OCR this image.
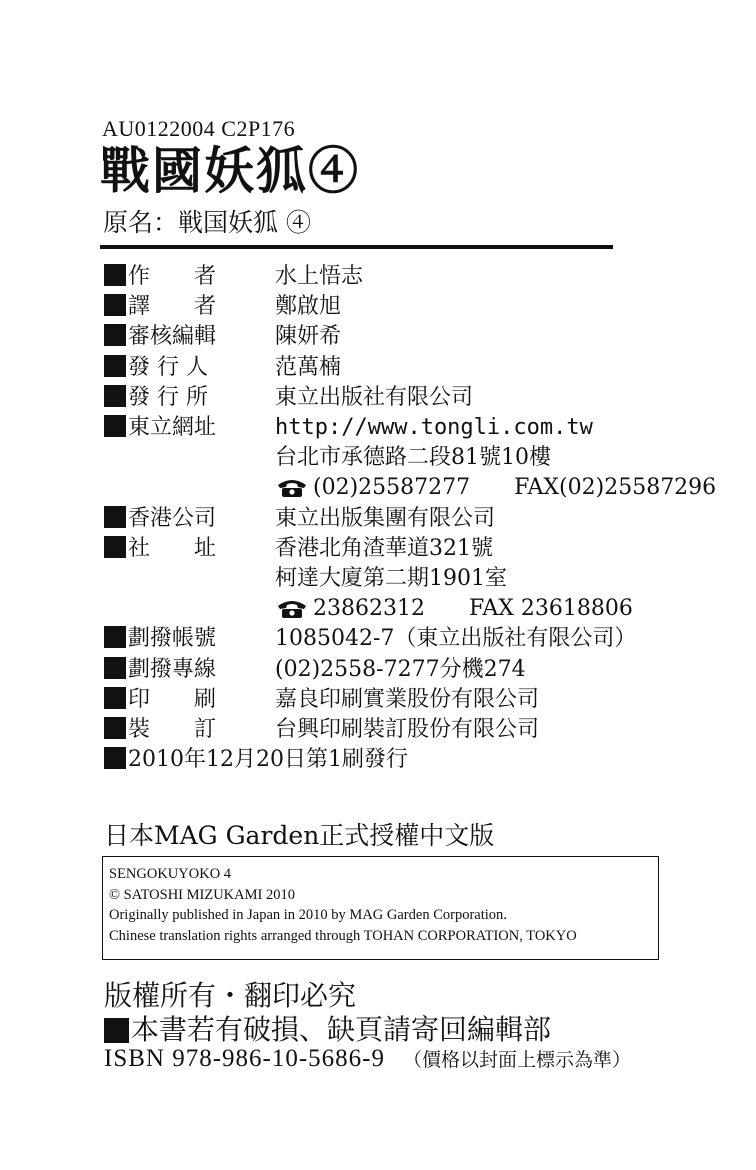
AU0122004 C2P176
戰國妖狐④
原名：戦国妖狐 ④
作　　者	水上悟志
譯　　者	鄭啟旭
審核編輯	陳妍希
發 行 人	范萬楠
發 行 所	東立出版社有限公司
東立網址	http://www.tongli.com.tw
台北市承德路二段81號10樓
(02)25587277　　FAX(02)25587296
香港公司	東立出版集團有限公司
社　　址	香港北角渣華道321號
柯達大廈第二期1901室
23862312　　FAX 23618806
劃撥帳號	1085042-7（東立出版社有限公司）
劃撥專線	(02)2558-7277分機274
印　　刷	嘉良印刷實業股份有限公司
裝　　訂	台興印刷裝訂股份有限公司
2010年12月20日第1刷發行
日本MAG Garden正式授權中文版
SENGOKUYOKO 4
© SATOSHI MIZUKAMI 2010
Originally published in Japan in 2010 by MAG Garden Corporation.
Chinese translation rights arranged through TOHAN CORPORATION, TOKYO
版權所有・翻印必究
本書若有破損、缺頁請寄回編輯部
ISBN 978-986-10-5686-9 （價格以封面上標示為準）
